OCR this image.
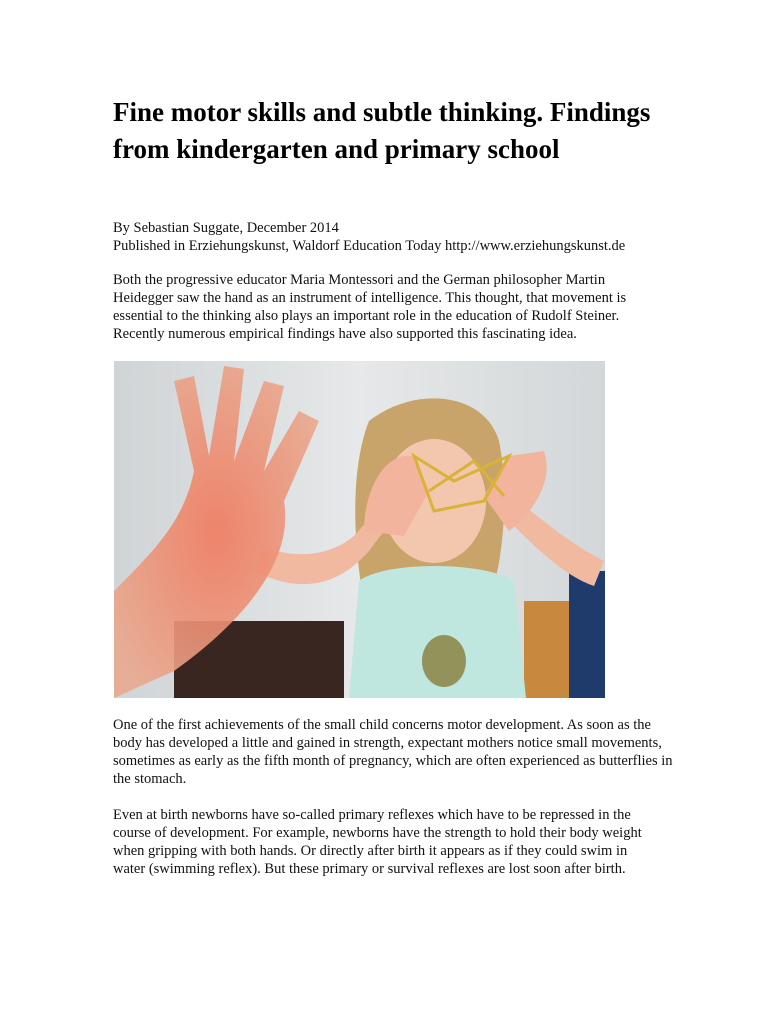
Fine motor skills and subtle thinking. Findings from kindergarten and primary school
By Sebastian Suggate, December 2014
Published in Erziehungskunst, Waldorf Education Today http://www.erziehungskunst.de

Both the progressive educator Maria Montessori and the German philosopher Martin Heidegger saw the hand as an instrument of intelligence. This thought, that movement is essential to the thinking also plays an important role in the education of Rudolf Steiner. Recently numerous empirical findings have also supported this fascinating idea.

One of the first achievements of the small child concerns motor development. As soon as the body has developed a little and gained in strength, expectant mothers notice small movements, sometimes as early as the fifth month of pregnancy, which are often experienced as butterflies in the stomach.

Even at birth newborns have so-called primary reflexes which have to be repressed in the course of development. For example, newborns have the strength to hold their body weight when gripping with both hands. Or directly after birth it appears as if they could swim in water (swimming reflex). But these primary or survival reflexes are lost soon after birth.
